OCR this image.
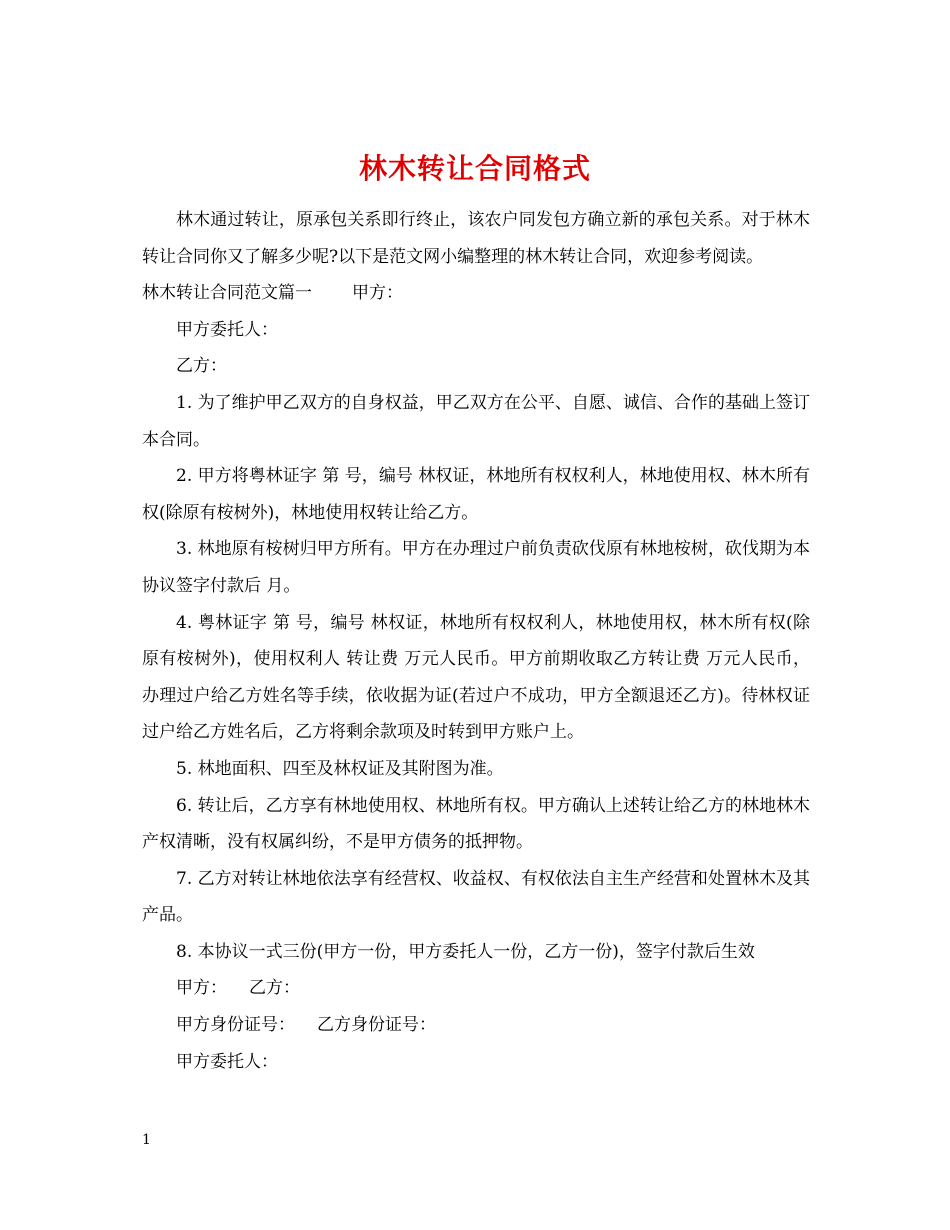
林木转让合同格式

林木通过转让，原承包关系即行终止，该农户同发包方确立新的承包关系。对于林木转让合同你又了解多少呢?以下是范文网小编整理的林木转让合同，欢迎参考阅读。

林木转让合同范文篇一 甲方：

甲方委托人：

乙方：

1. 为了维护甲乙双方的自身权益，甲乙双方在公平、自愿、诚信、合作的基础上签订本合同。

2. 甲方将粤林证字 第 号，编号 林权证，林地所有权权利人，林地使用权、林木所有权(除原有桉树外)，林地使用权转让给乙方。

3. 林地原有桉树归甲方所有。甲方在办理过户前负责砍伐原有林地桉树，砍伐期为本协议签字付款后 月。

4. 粤林证字 第 号，编号 林权证，林地所有权权利人，林地使用权，林木所有权(除原有桉树外)，使用权利人 转让费 万元人民币。甲方前期收取乙方转让费 万元人民币，办理过户给乙方姓名等手续，依收据为证(若过户不成功，甲方全额退还乙方)。待林权证过户给乙方姓名后，乙方将剩余款项及时转到甲方账户上。

5. 林地面积、四至及林权证及其附图为准。

6. 转让后，乙方享有林地使用权、林地所有权。甲方确认上述转让给乙方的林地林木产权清晰，没有权属纠纷，不是甲方债务的抵押物。

7. 乙方对转让林地依法享有经营权、收益权、有权依法自主生产经营和处置林木及其产品。

8. 本协议一式三份(甲方一份，甲方委托人一份，乙方一份)，签字付款后生效

甲方： 乙方：

甲方身份证号： 乙方身份证号：

甲方委托人：

1
